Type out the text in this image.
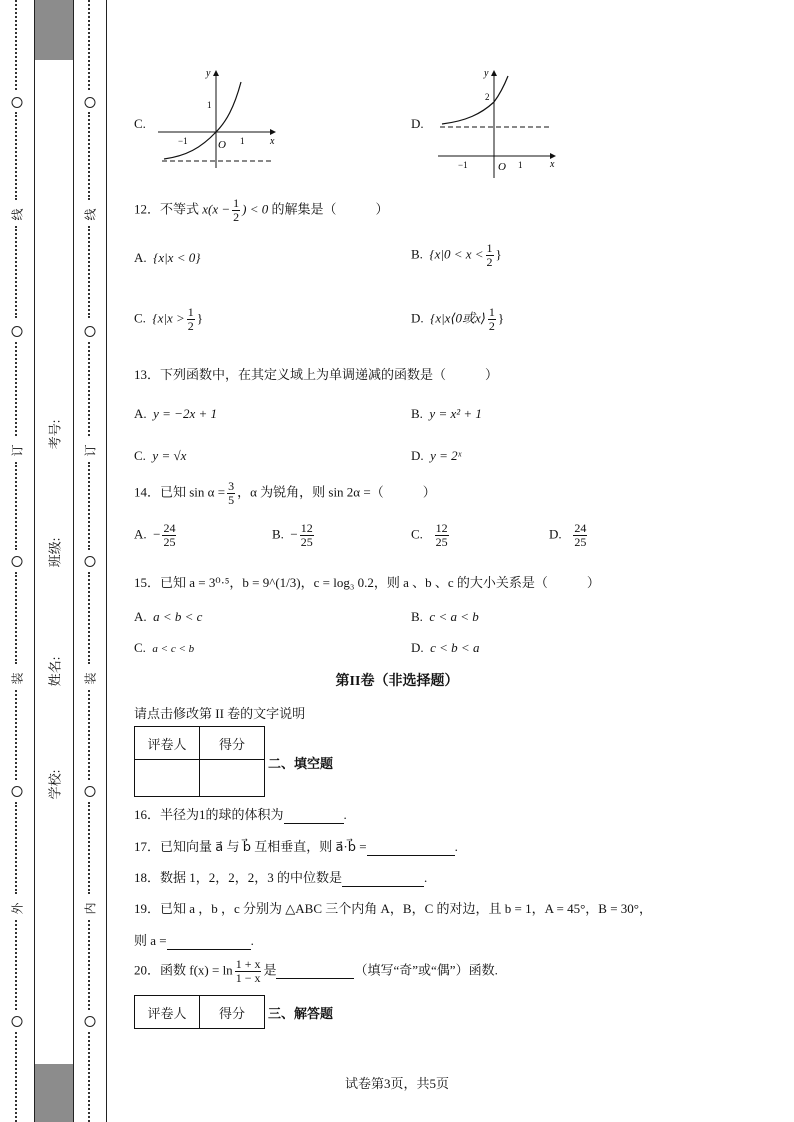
线
订
装
外
考号:
班级:
姓名:
学校:
线
订
装
内
C.
y
x
1
−1	O 1
D.
y
x
2
−1	O 1
12．不等式 $x(x - \frac{1}{2}$ ) < 0 的解集是（　　　）
A. {x|x < 0}	B. {$x|0 < x < \frac{1}{2}$ }
C. {$x|x > \frac{1}{2}$ }	D. {x|x⟨0或x⟩ $\frac{1}{2}$ }
13．下列函数中，在其定义域上为单调递减的函数是（　　　）
A. y = −2x + 1	B. y = x² + 1
C. y = √x	D. y = 2ˣ
14．已知 $\sin \alpha = \frac{3}{5}$ ，α 为锐角，则 sin 2α =（　　　）
A.  − $\frac{24}{25}$	B.  − $\frac{12}{25}$	C. $\frac{12}{25}$	D. $\frac{24}{25}$
15．已知 a = 3⁰·⁵，b = 9^(1/3)，c = log₃ 0.2，则 a 、b 、c 的大小关系是（　　　）
A. a < b < c	B. c < a < b
C. a < c < b	D. c < b < a
第II卷（非选择题）
请点击修改第 II 卷的文字说明
评卷人	得分

二、填空题
16．半径为1的球的体积为	.
17．已知向量 a⃗ 与 b⃗ 互相垂直，则 a⃗·b⃗ =	.
18．数据 1，2，2，2，3 的中位数是	.
19．已知 a ，b ，c 分别为 △ABC 三个内角 A，B，C 的对边，且 b = 1，A = 45°，B = 30°，
则 a =	.
20．函数 $f(x) = \ln \frac{1 + x}{1 - x}$ 是	（填写“奇”或“偶”）函数.
评卷人	得分 三、解答题
试卷第3页，共5页
